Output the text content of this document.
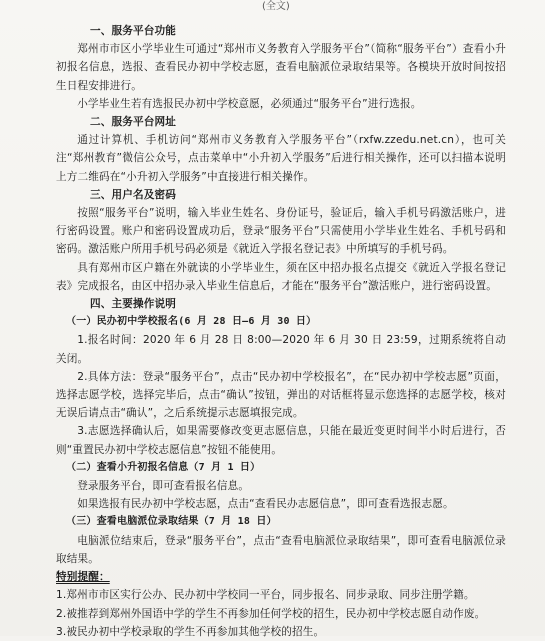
(全文)
一、服务平台功能
郑州市市区小学毕业生可通过“郑州市义务教育入学服务平台”（简称“服务平台”）查看小升初报名信息，选报、查看民办初中学校志愿，查看电脑派位录取结果等。各模块开放时间按招生日程安排进行。
小学毕业生若有选报民办初中学校意愿，必须通过“服务平台”进行选报。
二、服务平台网址
通过计算机、手机访问“郑州市义务教育入学服务平台”（rxfw.zzedu.net.cn），也可关注“郑州教育”微信公众号，点击菜单中“小升初入学服务”后进行相关操作，还可以扫描本说明上方二维码在“小升初入学服务”中直接进行相关操作。
三、用户名及密码
按照“服务平台”说明，输入毕业生姓名、身份证号，验证后，输入手机号码激活账户，进行密码设置。账户和密码设置成功后，登录“服务平台”只需使用小学毕业生姓名、手机号码和密码。激活账户所用手机号码必须是《就近入学报名登记表》中所填写的手机号码。
具有郑州市区户籍在外就读的小学毕业生，须在区中招办报名点提交《就近入学报名登记表》完成报名，由区中招办录入毕业生信息后，才能在“服务平台”激活账户，进行密码设置。
四、主要操作说明
（一）民办初中学校报名(6 月 28 日—6 月 30 日）
1.报名时间：2020 年 6 月 28 日 8:00—2020 年 6 月 30 日 23:59，过期系统将自动关闭。
2.具体方法：登录“服务平台”，点击“民办初中学校报名”，在“民办初中学校志愿”页面，选择志愿学校，选择完毕后，点击“确认”按钮，弹出的对话框将显示您选择的志愿学校，核对无误后请点击“确认”，之后系统提示志愿填报完成。
3.志愿选择确认后，如果需要修改变更志愿信息，只能在最近变更时间半小时后进行，否则“重置民办初中学校志愿信息”按钮不能使用。
（二）查看小升初报名信息（7 月 1 日）
登录服务平台，即可查看报名信息。
如果选报有民办初中学校志愿，点击“查看民办志愿信息”，即可查看选报志愿。
（三）查看电脑派位录取结果（7 月 18 日）
电脑派位结束后，登录“服务平台”，点击“查看电脑派位录取结果”，即可查看电脑派位录取结果。
特别提醒：
1.郑州市市区实行公办、民办初中学校同一平台，同步报名、同步录取、同步注册学籍。
2.被推荐到郑州外国语中学的学生不再参加任何学校的招生，民办初中学校志愿自动作废。
3.被民办初中学校录取的学生不再参加其他学校的招生。
